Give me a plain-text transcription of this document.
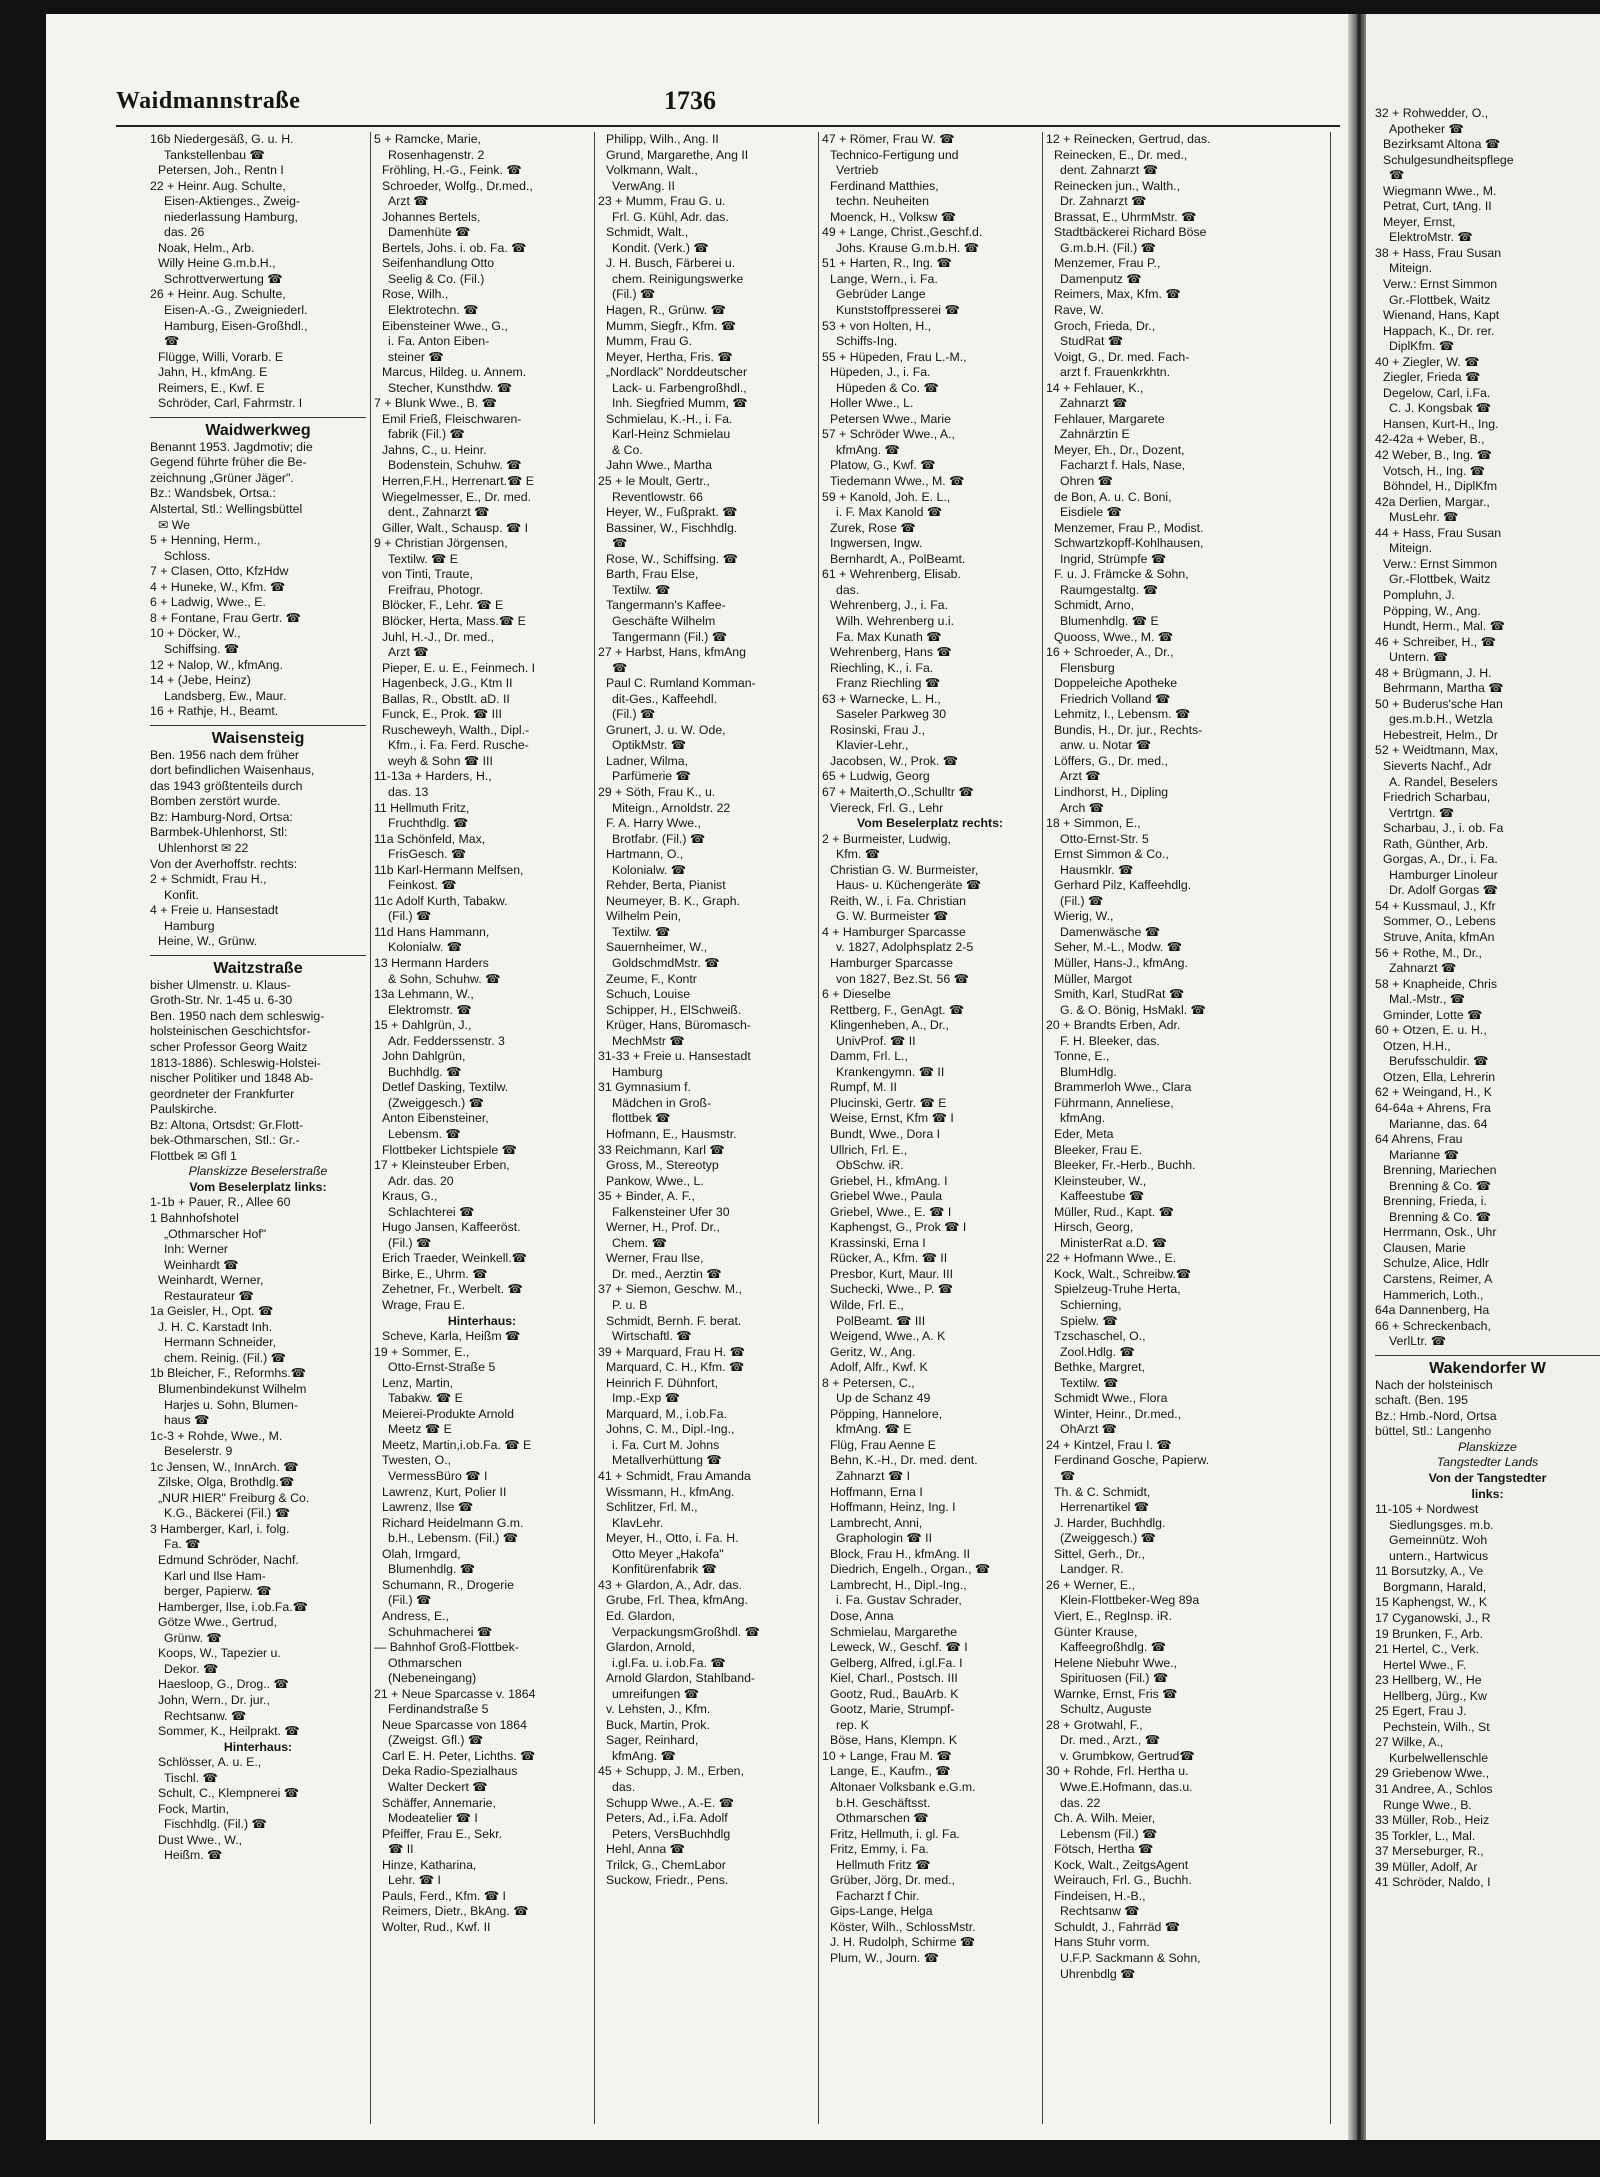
Waidmannstraße	1736
16b Niedergesäß, G. u. H.
Tankstellenbau ☎
Petersen, Joh., Rentn I
22 + Heinr. Aug. Schulte,
Eisen-Aktienges., Zweig-
niederlassung Hamburg,
das. 26
Noak, Helm., Arb.
Willy Heine G.m.b.H.,
Schrottverwertung ☎
26 + Heinr. Aug. Schulte,
Eisen-A.-G., Zweigniederl.
Hamburg, Eisen-Großhdl.,
☎
Flügge, Willi, Vorarb. E
Jahn, H., kfmAng. E
Reimers, E., Kwf. E
Schröder, Carl, Fahrmstr. I
Waidwerkweg
Benannt 1953. Jagdmotiv; die
Gegend führte früher die Be-
zeichnung „Grüner Jäger".
Bz.: Wandsbek, Ortsa.:
Alstertal, Stl.: Wellingsbüttel
✉ We
5 + Henning, Herm.,
Schloss.
7 + Clasen, Otto, KfzHdw
4 + Huneke, W., Kfm. ☎
6 + Ladwig, Wwe., E.
8 + Fontane, Frau Gertr. ☎
10 + Döcker, W.,
Schiffsing. ☎
12 + Nalop, W., kfmAng.
14 + (Jebe, Heinz)
Landsberg, Ew., Maur.
16 + Rathje, H., Beamt.
Waisensteig
Ben. 1956 nach dem früher
dort befindlichen Waisenhaus,
das 1943 größtenteils durch
Bomben zerstört wurde.
Bz: Hamburg-Nord, Ortsa:
Barmbek-Uhlenhorst, Stl:
Uhlenhorst ✉ 22
Von der Averhoffstr. rechts:
2 + Schmidt, Frau H.,
Konfit.
4 + Freie u. Hansestadt
Hamburg
Heine, W., Grünw.
Waitzstraße
bisher Ulmenstr. u. Klaus-
Groth-Str. Nr. 1-45 u. 6-30
Ben. 1950 nach dem schleswig-
holsteinischen Geschichtsfor-
scher Professor Georg Waitz
1813-1886). Schleswig-Holstei-
nischer Politiker und 1848 Ab-
geordneter der Frankfurter
Paulskirche.
Bz: Altona, Ortsdst: Gr.Flott-
bek-Othmarschen, Stl.: Gr.-
Flottbek ✉ Gfl 1
Planskizze Beselerstraße
Vom Beselerplatz links:
1-1b + Pauer, R., Allee 60
1 Bahnhofshotel
„Othmarscher Hof"
Inh: Werner
Weinhardt ☎
Weinhardt, Werner,
Restaurateur ☎
1a Geisler, H., Opt. ☎
J. H. C. Karstadt Inh.
Hermann Schneider,
chem. Reinig. (Fil.) ☎
1b Bleicher, F., Reformhs.☎
Blumenbindekunst Wilhelm
Harjes u. Sohn, Blumen-
haus ☎
1c-3 + Rohde, Wwe., M.
Beselerstr. 9
1c Jensen, W., InnArch. ☎
Zilske, Olga, Brothdlg.☎
„NUR HIER" Freiburg & Co.
K.G., Bäckerei (Fil.) ☎
3 Hamberger, Karl, i. folg.
Fa. ☎
Edmund Schröder, Nachf.
Karl und Ilse Ham-
berger, Papierw. ☎
Hamberger, Ilse, i.ob.Fa.☎
Götze Wwe., Gertrud,
Grünw. ☎
Koops, W., Tapezier u.
Dekor. ☎
Haesloop, G., Drog.. ☎
John, Wern., Dr. jur.,
Rechtsanw. ☎
Sommer, K., Heilprakt. ☎
Hinterhaus:
Schlösser, A. u. E.,
Tischl. ☎
Schult, C., Klempnerei ☎
Fock, Martin,
Fischhdlg. (Fil.) ☎
Dust Wwe., W.,
Heißm. ☎
5 + Ramcke, Marie,
Rosenhagenstr. 2
Fröhling, H.-G., Feink. ☎
Schroeder, Wolfg., Dr.med.,
Arzt ☎
Johannes Bertels,
Damenhüte ☎
Bertels, Johs. i. ob. Fa. ☎
Seifenhandlung Otto
Seelig & Co. (Fil.)
Rose, Wilh.,
Elektrotechn. ☎
Eibensteiner Wwe., G.,
i. Fa. Anton Eiben-
steiner ☎
Marcus, Hildeg. u. Annem.
Stecher, Kunsthdw. ☎
7 + Blunk Wwe., B. ☎
Emil Frieß, Fleischwaren-
fabrik (Fil.) ☎
Jahns, C., u. Heinr.
Bodenstein, Schuhw. ☎
Herren,F.H., Herrenart.☎ E
Wiegelmesser, E., Dr. med.
dent., Zahnarzt ☎
Giller, Walt., Schausp. ☎ I
9 + Christian Jörgensen,
Textilw. ☎ E
von Tinti, Traute,
Freifrau, Photogr.
Blöcker, F., Lehr. ☎ E
Blöcker, Herta, Mass.☎ E
Juhl, H.-J., Dr. med.,
Arzt ☎
Pieper, E. u. E., Feinmech. I
Hagenbeck, J.G., Ktm II
Ballas, R., Obstlt. aD. II
Funck, E., Prok. ☎ III
Ruscheweyh, Walth., Dipl.-
Kfm., i. Fa. Ferd. Rusche-
weyh & Sohn ☎ III
11-13a + Harders, H.,
das. 13
11 Hellmuth Fritz,
Fruchthdlg. ☎
11a Schönfeld, Max,
FrisGesch. ☎
11b Karl-Hermann Melfsen,
Feinkost. ☎
11c Adolf Kurth, Tabakw.
(Fil.) ☎
11d Hans Hammann,
Kolonialw. ☎
13 Hermann Harders
& Sohn, Schuhw. ☎
13a Lehmann, W.,
Elektromstr. ☎
15 + Dahlgrün, J.,
Adr. Fedderssenstr. 3
John Dahlgrün,
Buchhdlg. ☎
Detlef Dasking, Textilw.
(Zweiggesch.) ☎
Anton Eibensteiner,
Lebensm. ☎
Flottbeker Lichtspiele ☎
17 + Kleinsteuber Erben,
Adr. das. 20
Kraus, G.,
Schlachterei ☎
Hugo Jansen, Kaffeeröst.
(Fil.) ☎
Erich Traeder, Weinkell.☎
Birke, E., Uhrm. ☎
Zehetner, Fr., Werbelt. ☎
Wrage, Frau E.
Hinterhaus:
Scheve, Karla, Heißm ☎
19 + Sommer, E.,
Otto-Ernst-Straße 5
Lenz, Martin,
Tabakw. ☎ E
Meierei-Produkte Arnold
Meetz ☎ E
Meetz, Martin,i.ob.Fa. ☎ E
Twesten, O.,
VermessBüro ☎ I
Lawrenz, Kurt, Polier II
Lawrenz, Ilse ☎
Richard Heidelmann G.m.
b.H., Lebensm. (Fil.) ☎
Olah, Irmgard,
Blumenhdlg. ☎
Schumann, R., Drogerie
(Fil.) ☎
Andress, E.,
Schuhmacherei ☎
— Bahnhof Groß-Flottbek-
Othmarschen
(Nebeneingang)
21 + Neue Sparcasse v. 1864
Ferdinandstraße 5
Neue Sparcasse von 1864
(Zweigst. Gfl.) ☎
Carl E. H. Peter, Lichths. ☎
Deka Radio-Spezialhaus
Walter Deckert ☎
Schäffer, Annemarie,
Modeatelier ☎ I
Pfeiffer, Frau E., Sekr.
☎ II
Hinze, Katharina,
Lehr. ☎ I
Pauls, Ferd., Kfm. ☎ I
Reimers, Dietr., BkAng. ☎
Wolter, Rud., Kwf. II
Philipp, Wilh., Ang. II
Grund, Margarethe, Ang II
Volkmann, Walt.,
VerwAng. II
23 + Mumm, Frau G. u.
Frl. G. Kühl, Adr. das.
Schmidt, Walt.,
Kondit. (Verk.) ☎
J. H. Busch, Färberei u.
chem. Reinigungswerke
(Fil.) ☎
Hagen, R., Grünw. ☎
Mumm, Siegfr., Kfm. ☎
Mumm, Frau G.
Meyer, Hertha, Fris. ☎
„Nordlack" Norddeutscher
Lack- u. Farbengroßhdl.,
Inh. Siegfried Mumm, ☎
Schmielau, K.-H., i. Fa.
Karl-Heinz Schmielau
& Co.
Jahn Wwe., Martha
25 + le Moult, Gertr.,
Reventlowstr. 66
Heyer, W., Fußprakt. ☎
Bassiner, W., Fischhdlg.
☎
Rose, W., Schiffsing. ☎
Barth, Frau Else,
Textilw. ☎
Tangermann's Kaffee-
Geschäfte Wilhelm
Tangermann (Fil.) ☎
27 + Harbst, Hans, kfmAng
☎
Paul C. Rumland Komman-
dit-Ges., Kaffeehdl.
(Fil.) ☎
Grunert, J. u. W. Ode,
OptikMstr. ☎
Ladner, Wilma,
Parfümerie ☎
29 + Söth, Frau K., u.
Miteign., Arnoldstr. 22
F. A. Harry Wwe.,
Brotfabr. (Fil.) ☎
Hartmann, O.,
Kolonialw. ☎
Rehder, Berta, Pianist
Neumeyer, B. K., Graph.
Wilhelm Pein,
Textilw. ☎
Sauernheimer, W.,
GoldschmdMstr. ☎
Zeume, F., Kontr
Schuch, Louise
Schipper, H., ElSchweiß.
Krüger, Hans, Büromasch-
MechMstr ☎
31-33 + Freie u. Hansestadt
Hamburg
31 Gymnasium f.
Mädchen in Groß-
flottbek ☎
Hofmann, E., Hausmstr.
33 Reichmann, Karl ☎
Gross, M., Stereotyp
Pankow, Wwe., L.
35 + Binder, A. F.,
Falkensteiner Ufer 30
Werner, H., Prof. Dr.,
Chem. ☎
Werner, Frau Ilse,
Dr. med., Aerztin ☎
37 + Siemon, Geschw. M.,
P. u. B
Schmidt, Bernh. F. berat.
Wirtschaftl. ☎
39 + Marquard, Frau H. ☎
Marquard, C. H., Kfm. ☎
Heinrich F. Dühnfort,
Imp.-Exp ☎
Marquard, M., i.ob.Fa.
Johns, C. M., Dipl.-Ing.,
i. Fa. Curt M. Johns
Metallverhüttung ☎
41 + Schmidt, Frau Amanda
Wissmann, H., kfmAng.
Schlitzer, Frl. M.,
KlavLehr.
Meyer, H., Otto, i. Fa. H.
Otto Meyer „Hakofa"
Konfitürenfabrik ☎
43 + Glardon, A., Adr. das.
Grube, Frl. Thea, kfmAng.
Ed. Glardon,
VerpackungsmGroßhdl. ☎
Glardon, Arnold,
i.gl.Fa. u. i.ob.Fa. ☎
Arnold Glardon, Stahlband-
umreifungen ☎
v. Lehsten, J., Kfm.
Buck, Martin, Prok.
Sager, Reinhard,
kfmAng. ☎
45 + Schupp, J. M., Erben,
das.
Schupp Wwe., A.-E. ☎
Peters, Ad., i.Fa. Adolf
Peters, VersBuchhdlg
Hehl, Anna ☎
Trilck, G., ChemLabor
Suckow, Friedr., Pens.
47 + Römer, Frau W. ☎
Technico-Fertigung und
Vertrieb
Ferdinand Matthies,
techn. Neuheiten
Moenck, H., Volksw ☎
49 + Lange, Christ.,Geschf.d.
Johs. Krause G.m.b.H. ☎
51 + Harten, R., Ing. ☎
Lange, Wern., i. Fa.
Gebrüder Lange
Kunststoffpresserei ☎
53 + von Holten, H.,
Schiffs-Ing.
55 + Hüpeden, Frau L.-M.,
Hüpeden, J., i. Fa.
Hüpeden & Co. ☎
Holler Wwe., L.
Petersen Wwe., Marie
57 + Schröder Wwe., A.,
kfmAng. ☎
Platow, G., Kwf. ☎
Tiedemann Wwe., M. ☎
59 + Kanold, Joh. E. L.,
i. F. Max Kanold ☎
Zurek, Rose ☎
Ingwersen, Ingw.
Bernhardt, A., PolBeamt.
61 + Wehrenberg, Elisab.
das.
Wehrenberg, J., i. Fa.
Wilh. Wehrenberg u.i.
Fa. Max Kunath ☎
Wehrenberg, Hans ☎
Riechling, K., i. Fa.
Franz Riechling ☎
63 + Warnecke, L. H.,
Saseler Parkweg 30
Rosinski, Frau J.,
Klavier-Lehr.,
Jacobsen, W., Prok. ☎
65 + Ludwig, Georg
67 + Maiterth,O.,Schulltr ☎
Viereck, Frl. G., Lehr
Vom Beselerplatz rechts:
2 + Burmeister, Ludwig,
Kfm. ☎
Christian G. W. Burmeister,
Haus- u. Küchengeräte ☎
Reith, W., i. Fa. Christian
G. W. Burmeister ☎
4 + Hamburger Sparcasse
v. 1827, Adolphsplatz 2-5
Hamburger Sparcasse
von 1827, Bez.St. 56 ☎
6 + Dieselbe
Rettberg, F., GenAgt. ☎
Klingenheben, A., Dr.,
UnivProf. ☎ II
Damm, Frl. L.,
Krankengymn. ☎ II
Rumpf, M. II
Plucinski, Gertr. ☎ E
Weise, Ernst, Kfm ☎ I
Bundt, Wwe., Dora I
Ullrich, Frl. E.,
ObSchw. iR.
Griebel, H., kfmAng. I
Griebel Wwe., Paula
Griebel, Wwe., E. ☎ I
Kaphengst, G., Prok ☎ I
Krassinski, Erna I
Rücker, A., Kfm. ☎ II
Presbor, Kurt, Maur. III
Suchecki, Wwe., P. ☎
Wilde, Frl. E.,
PolBeamt. ☎ III
Weigend, Wwe., A. K
Geritz, W., Ang.
Adolf, Alfr., Kwf. K
8 + Petersen, C.,
Up de Schanz 49
Pöpping, Hannelore,
kfmAng. ☎ E
Flüg, Frau Aenne E
Behn, K.-H., Dr. med. dent.
Zahnarzt ☎ I
Hoffmann, Erna I
Hoffmann, Heinz, Ing. I
Lambrecht, Anni,
Graphologin ☎ II
Block, Frau H., kfmAng. II
Diedrich, Engelh., Organ., ☎
Lambrecht, H., Dipl.-Ing.,
i. Fa. Gustav Schrader,
Dose, Anna
Schmielau, Margarethe
Leweck, W., Geschf. ☎ I
Gelberg, Alfred, i.gl.Fa. I
Kiel, Charl., Postsch. III
Gootz, Rud., BauArb. K
Gootz, Marie, Strumpf-
rep. K
Böse, Hans, Klempn. K
10 + Lange, Frau M. ☎
Lange, E., Kaufm., ☎
Altonaer Volksbank e.G.m.
b.H. Geschäftsst.
Othmarschen ☎
Fritz, Hellmuth, i. gl. Fa.
Fritz, Emmy, i. Fa.
Hellmuth Fritz ☎
Grüber, Jörg, Dr. med.,
Facharzt f Chir.
Gips-Lange, Helga
Köster, Wilh., SchlossMstr.
J. H. Rudolph, Schirme ☎
Plum, W., Journ. ☎
12 + Reinecken, Gertrud, das.
Reinecken, E., Dr. med.,
dent. Zahnarzt ☎
Reinecken jun., Walth.,
Dr. Zahnarzt ☎
Brassat, E., UhrmMstr. ☎
Stadtbäckerei Richard Böse
G.m.b.H. (Fil.) ☎
Menzemer, Frau P.,
Damenputz ☎
Reimers, Max, Kfm. ☎
Rave, W.
Groch, Frieda, Dr.,
StudRat ☎
Voigt, G., Dr. med. Fach-
arzt f. Frauenkrkhtn.
14 + Fehlauer, K.,
Zahnarzt ☎
Fehlauer, Margarete
Zahnärztin E
Meyer, Eh., Dr., Dozent,
Facharzt f. Hals, Nase,
Ohren ☎
de Bon, A. u. C. Boni,
Eisdiele ☎
Menzemer, Frau P., Modist.
Schwartzkopff-Kohlhausen,
Ingrid, Strümpfe ☎
F. u. J. Främcke & Sohn,
Raumgestaltg. ☎
Schmidt, Arno,
Blumenhdlg. ☎ E
Quooss, Wwe., M. ☎
16 + Schroeder, A., Dr.,
Flensburg
Doppeleiche Apotheke
Friedrich Volland ☎
Lehmitz, I., Lebensm. ☎
Bundis, H., Dr. jur., Rechts-
anw. u. Notar ☎
Löffers, G., Dr. med.,
Arzt ☎
Lindhorst, H., Dipling
Arch ☎
18 + Simmon, E.,
Otto-Ernst-Str. 5
Ernst Simmon & Co.,
Hausmklr. ☎
Gerhard Pilz, Kaffeehdlg.
(Fil.) ☎
Wierig, W.,
Damenwäsche ☎
Seher, M.-L., Modw. ☎
Müller, Hans-J., kfmAng.
Müller, Margot
Smith, Karl, StudRat ☎
G. & O. Bönig, HsMakl. ☎
20 + Brandts Erben, Adr.
F. H. Bleeker, das.
Tonne, E.,
BlumHdlg.
Brammerloh Wwe., Clara
Führmann, Anneliese,
kfmAng.
Eder, Meta
Bleeker, Frau E.
Bleeker, Fr.-Herb., Buchh.
Kleinsteuber, W.,
Kaffeestube ☎
Müller, Rud., Kapt. ☎
Hirsch, Georg,
MinisterRat a.D. ☎
22 + Hofmann Wwe., E.
Kock, Walt., Schreibw.☎
Spielzeug-Truhe Herta,
Schierning,
Spielw. ☎
Tzschaschel, O.,
Zool.Hdlg. ☎
Bethke, Margret,
Textilw. ☎
Schmidt Wwe., Flora
Winter, Heinr., Dr.med.,
OhArzt ☎
24 + Kintzel, Frau I. ☎
Ferdinand Gosche, Papierw.
☎
Th. & C. Schmidt,
Herrenartikel ☎
J. Harder, Buchhdlg.
(Zweiggesch.) ☎
Sittel, Gerh., Dr.,
Landger. R.
26 + Werner, E.,
Klein-Flottbeker-Weg 89a
Viert, E., RegInsp. iR.
Günter Krause,
Kaffeegroßhdlg. ☎
Helene Niebuhr Wwe.,
Spirituosen (Fil.) ☎
Warnke, Ernst, Fris ☎
Schultz, Auguste
28 + Grotwahl, F.,
Dr. med., Arzt., ☎
v. Grumbkow, Gertrud☎
30 + Rohde, Frl. Hertha u.
Wwe.E.Hofmann, das.u.
das. 22
Ch. A. Wilh. Meier,
Lebensm (Fil.) ☎
Fötsch, Hertha ☎
Kock, Walt., ZeitgsAgent
Weirauch, Frl. G., Buchh.
Findeisen, H.-B.,
Rechtsanw ☎
Schuldt, J., Fahrräd ☎
Hans Stuhr vorm.
U.F.P. Sackmann & Sohn,
Uhrenbdlg ☎
32 + Rohwedder, O.,
Apotheker ☎
Bezirksamt Altona ☎
Schulgesundheitspflege
☎
Wiegmann Wwe., M.
Petrat, Curt, tAng. II
Meyer, Ernst,
ElektroMstr. ☎
38 + Hass, Frau Susan
Miteign.
Verw.: Ernst Simmon
Gr.-Flottbek, Waitz
Wienand, Hans, Kapt
Happach, K., Dr. rer.
DiplKfm. ☎
40 + Ziegler, W. ☎
Ziegler, Frieda ☎
Degelow, Carl, i.Fa.
C. J. Kongsbak ☎
Hansen, Kurt-H., Ing.
42-42a + Weber, B.,
42 Weber, B., Ing. ☎
Votsch, H., Ing. ☎
Böhndel, H., DiplKfm
42a Derlien, Margar.,
MusLehr. ☎
44 + Hass, Frau Susan
Miteign.
Verw.: Ernst Simmon
Gr.-Flottbek, Waitz
Pompluhn, J.
Pöpping, W., Ang.
Hundt, Herm., Mal. ☎
46 + Schreiber, H., ☎
Untern. ☎
48 + Brügmann, J. H.
Behrmann, Martha ☎
50 + Buderus'sche Han
ges.m.b.H., Wetzla
Hebestreit, Helm., Dr
52 + Weidtmann, Max,
Sieverts Nachf., Adr
A. Randel, Beselers
Friedrich Scharbau,
Vertrtgn. ☎
Scharbau, J., i. ob. Fa
Rath, Günther, Arb.
Gorgas, A., Dr., i. Fa.
Hamburger Linoleur
Dr. Adolf Gorgas ☎
54 + Kussmaul, J., Kfr
Sommer, O., Lebens
Struve, Anita, kfmAn
56 + Rothe, M., Dr.,
Zahnarzt ☎
58 + Knapheide, Chris
Mal.-Mstr., ☎
Gminder, Lotte ☎
60 + Otzen, E. u. H.,
Otzen, H.H.,
Berufsschuldir. ☎
Otzen, Ella, Lehrerin
62 + Weingand, H., K
64-64a + Ahrens, Fra
Marianne, das. 64
64 Ahrens, Frau
Marianne ☎
Brenning, Mariechen
Brenning & Co. ☎
Brenning, Frieda, i.
Brenning & Co. ☎
Herrmann, Osk., Uhr
Clausen, Marie
Schulze, Alice, Hdlr
Carstens, Reimer, A
Hammerich, Loth.,
64a Dannenberg, Ha
66 + Schreckenbach,
VerlLtr. ☎
Wakendorfer W
Nach der holsteinisch
schaft. (Ben. 195
Bz.: Hmb.-Nord, Ortsa
büttel, Stl.: Langenho
Planskizze
Tangstedter Lands
Von der Tangstedter
links:
11-105 + Nordwest
Siedlungsges. m.b.
Gemeinnütz. Woh
untern., Hartwicus
11 Borsutzky, A., Ve
Borgmann, Harald,
15 Kaphengst, W., K
17 Cyganowski, J., R
19 Brunken, F., Arb.
21 Hertel, C., Verk.
Hertel Wwe., F.
23 Hellberg, W., He
Hellberg, Jürg., Kw
25 Egert, Frau J.
Pechstein, Wilh., St
27 Wilke, A.,
Kurbelwellenschle
29 Griebenow Wwe.,
31 Andree, A., Schlos
Runge Wwe., B.
33 Müller, Rob., Heiz
35 Torkler, L., Mal.
37 Merseburger, R.,
39 Müller, Adolf, Ar
41 Schröder, Naldo, I
